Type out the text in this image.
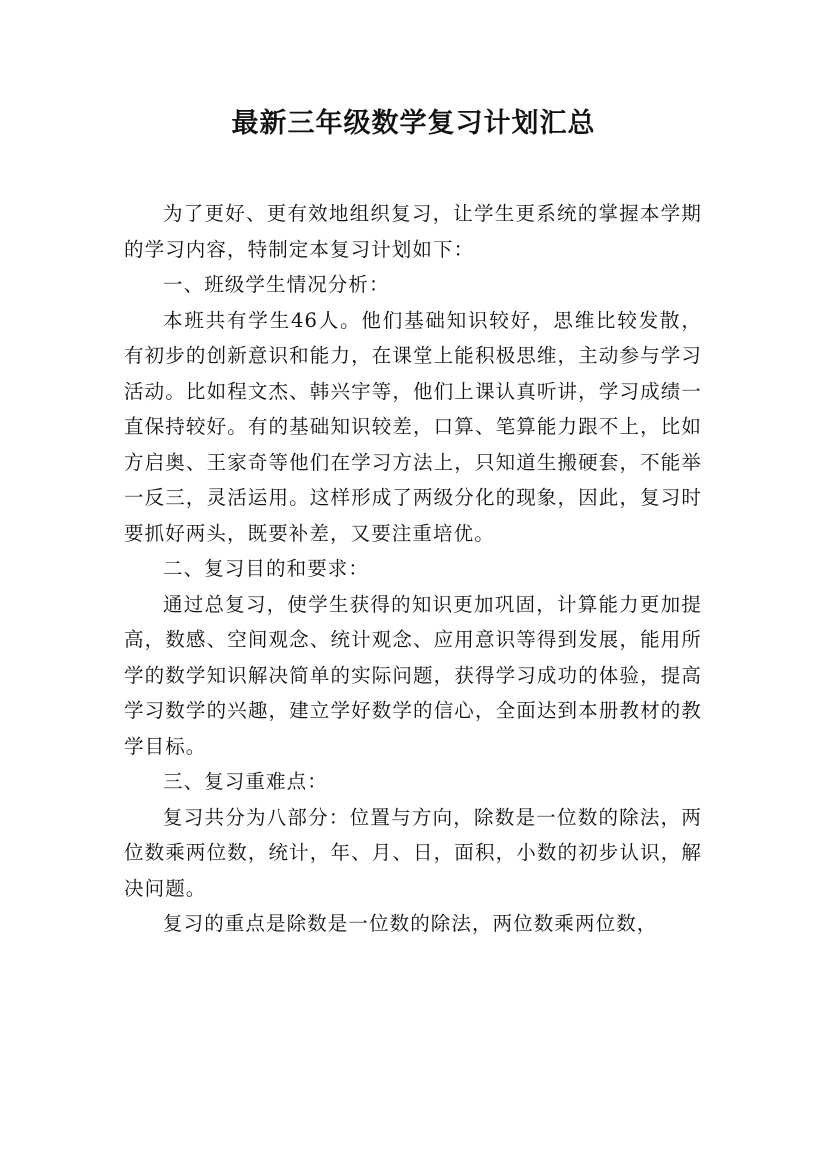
最新三年级数学复习计划汇总

为了更好、更有效地组织复习，让学生更系统的掌握本学期的学习内容，特制定本复习计划如下：

一、班级学生情况分析：

本班共有学生46人。他们基础知识较好，思维比较发散，有初步的创新意识和能力，在课堂上能积极思维，主动参与学习活动。比如程文杰、韩兴宇等，他们上课认真听讲，学习成绩一直保持较好。有的基础知识较差，口算、笔算能力跟不上，比如方启奥、王家奇等他们在学习方法上，只知道生搬硬套，不能举一反三，灵活运用。这样形成了两级分化的现象，因此，复习时要抓好两头，既要补差，又要注重培优。

二、复习目的和要求：

通过总复习，使学生获得的知识更加巩固，计算能力更加提高，数感、空间观念、统计观念、应用意识等得到发展，能用所学的数学知识解决简单的实际问题，获得学习成功的体验，提高学习数学的兴趣，建立学好数学的信心，全面达到本册教材的教学目标。

三、复习重难点：

复习共分为八部分：位置与方向，除数是一位数的除法，两位数乘两位数，统计，年、月、日，面积，小数的初步认识，解决问题。

复习的重点是除数是一位数的除法，两位数乘两位数，
